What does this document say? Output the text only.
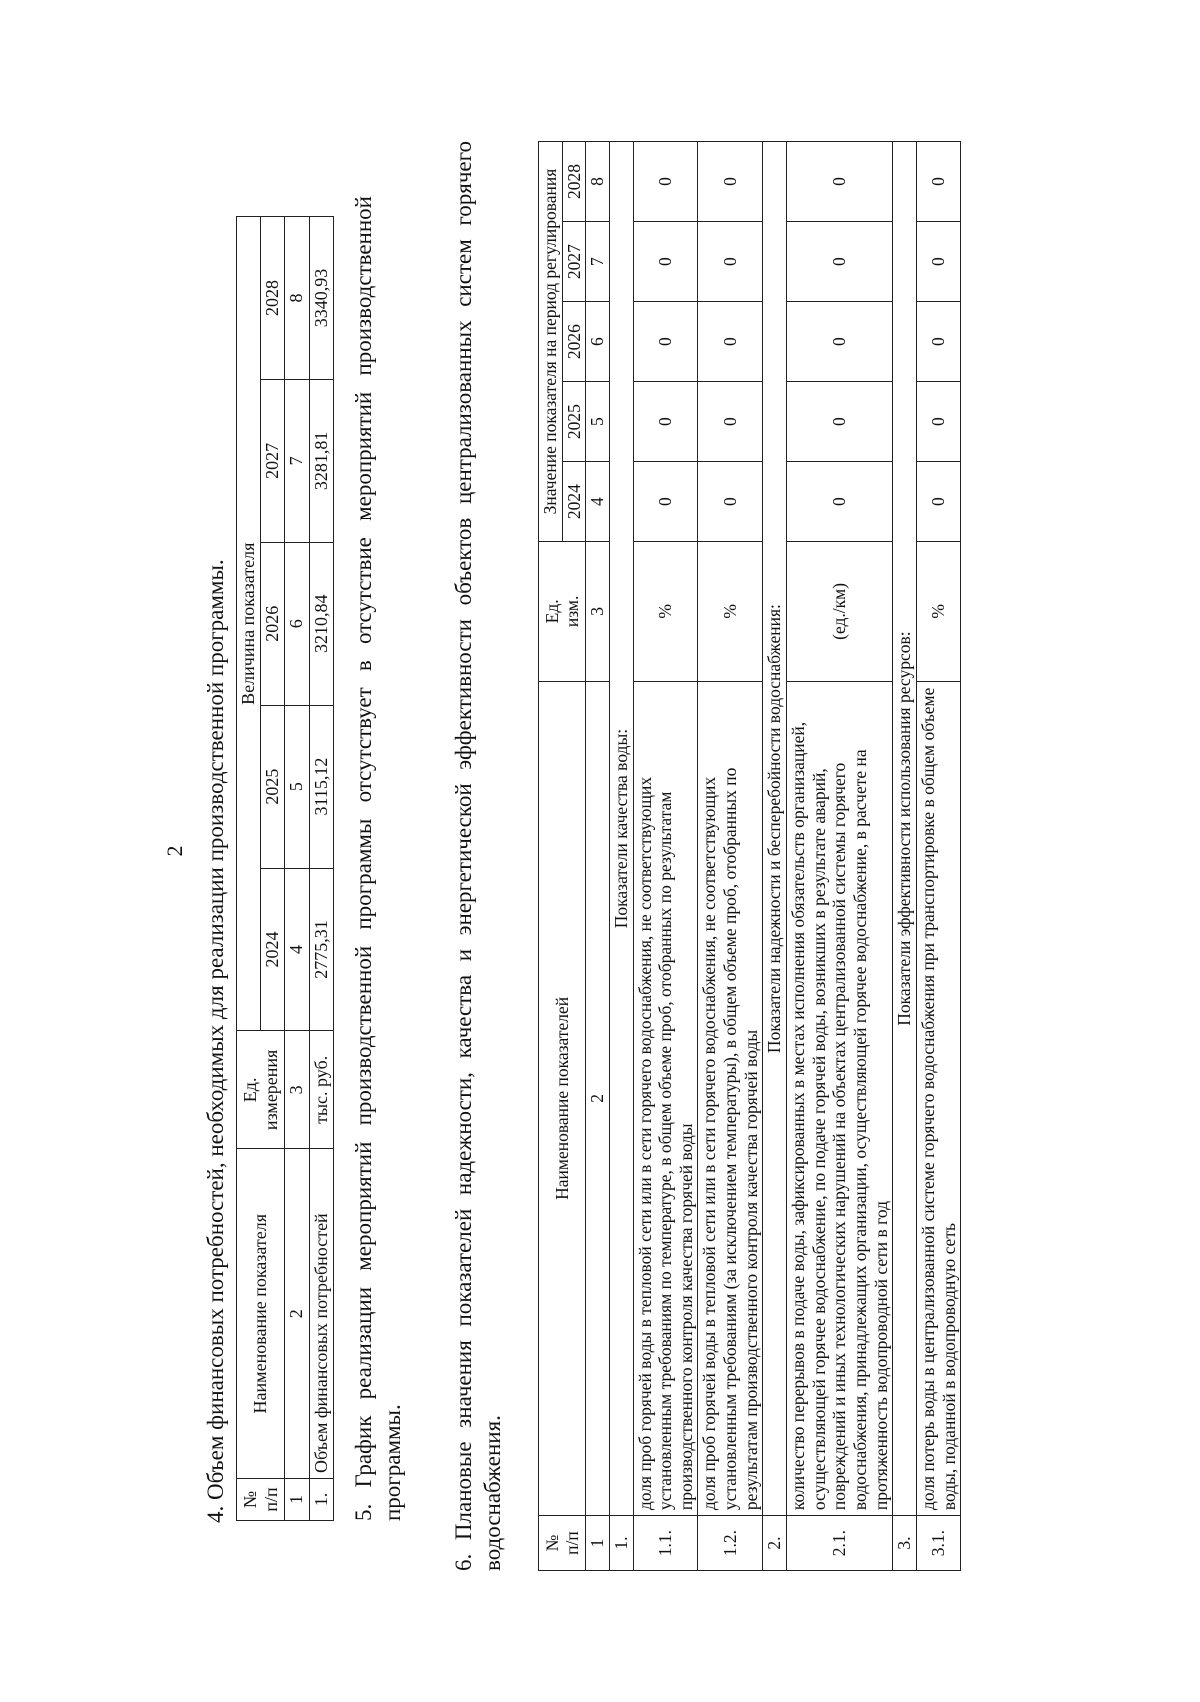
2 4. Объем финансовых потребностей, необходимых для реализации производственной программы. №
п/п	Наименование показателя	Ед.
измерения	Величина показателя				
			2024	2025	2026	2027	2028
1	2	3	4	5	6	7	8
1.	Объем финансовых потребностей	тыс. руб.	2775,31	3115,12	3210,84	3281,81	3340,93 5. График реализации мероприятий производственной программы отсутствует в отсутствие мероприятий производственной программы. 6. Плановые значения показателей надежности, качества и энергетической эффективности объектов централизованных систем горячего водоснабжения. №
п/п	Наименование показателей	Ед.
изм.	Значение показателя на период регулирования				
			2024	2025	2026	2027	2028
1	2	3	4	5	6	7	8
1.	Показатели качества воды:						
1.1.	доля проб горячей воды в тепловой сети или в сети горячего водоснабжения, не соответствующих установленным требованиям по температуре, в общем объеме проб, отобранных по результатам производственного контроля качества горячей воды	%	0	0	0	0	0
1.2.	доля проб горячей воды в тепловой сети или в сети горячего водоснабжения, не соответствующих установленным требованиям (за исключением температуры), в общем объеме проб, отобранных по результатам производственного контроля качества горячей воды	%	0	0	0	0	0
2.	Показатели надежности и бесперебойности водоснабжения:						
2.1.	количество перерывов в подаче воды, зафиксированных в местах исполнения обязательств организацией, осуществляющей горячее водоснабжение, по подаче горячей воды, возникших в результате аварий, повреждений и иных технологических нарушений на объектах централизованной системы горячего водоснабжения, принадлежащих организации, осуществляющей горячее водоснабжение, в расчете на протяженность водопроводной сети в год	(ед./км)	0	0	0	0	0
3.	Показатели эффективности использования ресурсов:						
3.1.	доля потерь воды в централизованной системе горячего водоснабжения при транспортировке в общем объеме воды, поданной в водопроводную сеть	%	0	0	0	0	0
